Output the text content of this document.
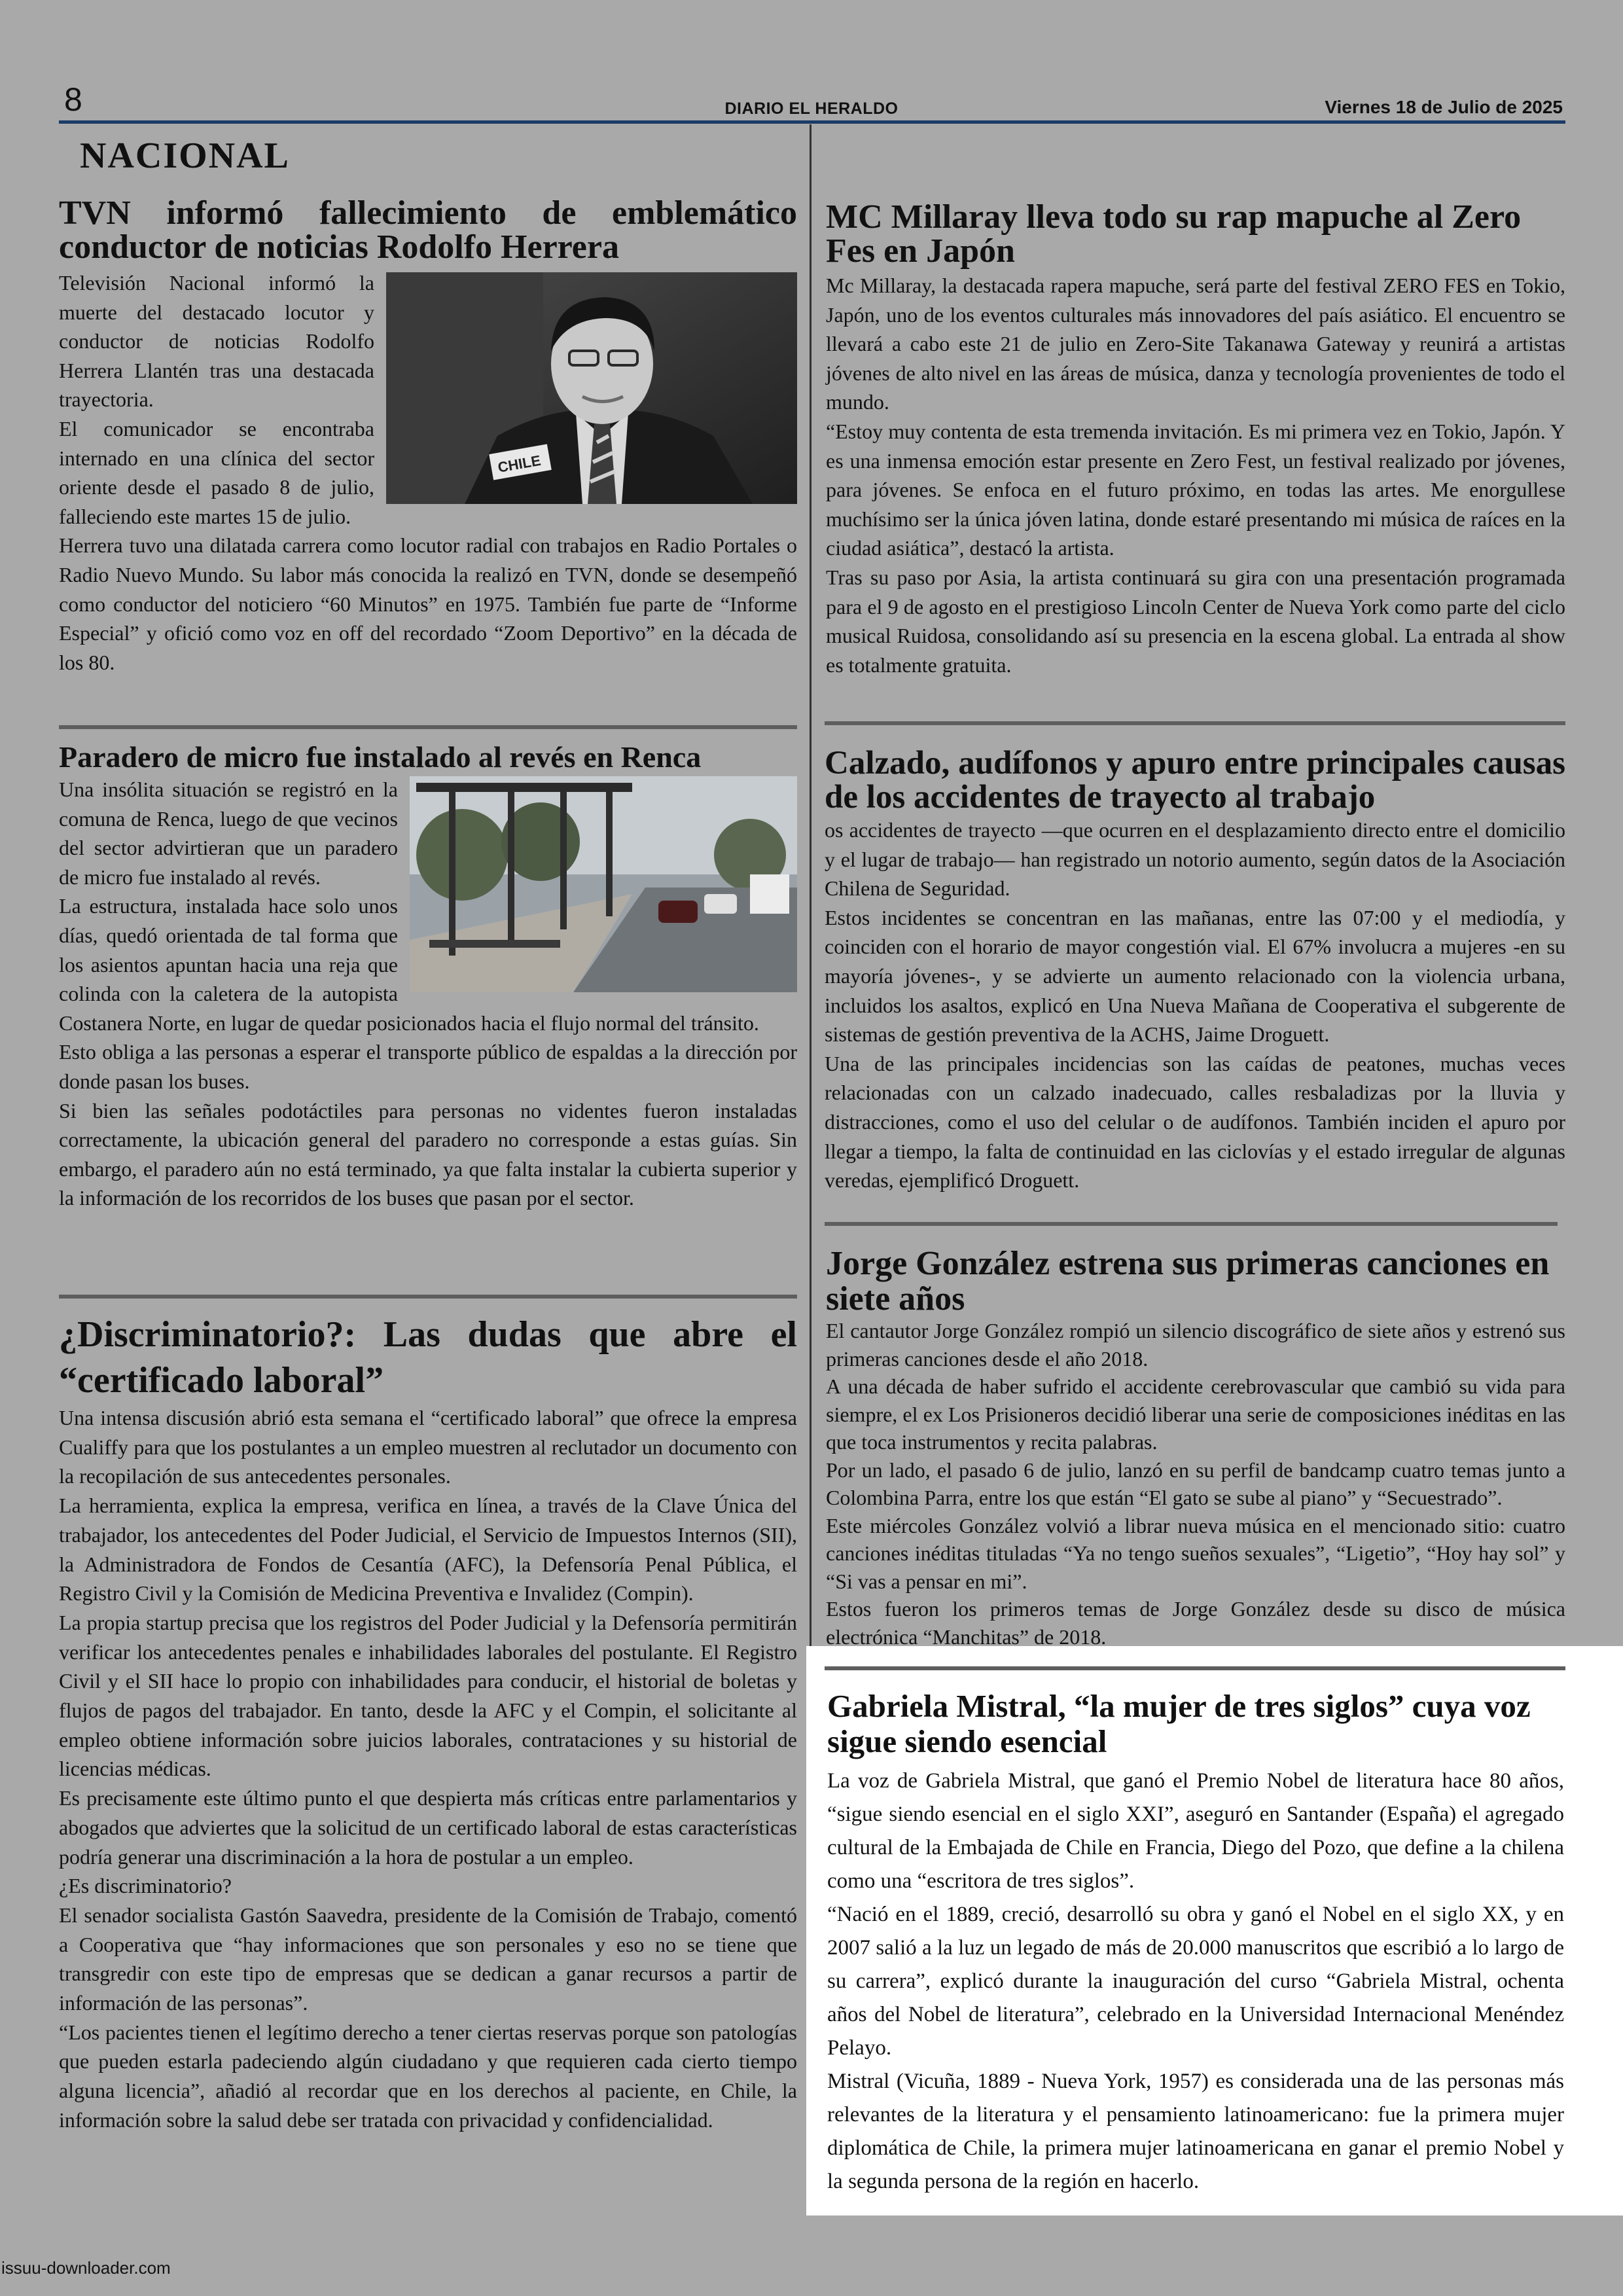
8	DIARIO EL HERALDO	Viernes 18 de Julio de 2025
NACIONAL
TVN informó fallecimiento de emblemático conductor de noticias Rodolfo Herrera
CHILE

Televisión Nacional informó la muerte del destacado locutor y conductor de noticias Rodolfo Herrera Llantén tras una destacada trayectoria.

El comunicador se encontraba internado en una clínica del sector oriente desde el pasado 8 de julio, falleciendo este martes 15 de julio.

Herrera tuvo una dilatada carrera como locutor radial con trabajos en Radio Portales o Radio Nuevo Mundo. Su labor más conocida la realizó en TVN, donde se desempeñó como conductor del noticiero “60 Minutos” en 1975. También fue parte de “Informe Especial” y ofició como voz en off del recordado “Zoom Deportivo” en la década de los 80.

Paradero de micro fue instalado al revés en Renca

Una insólita situación se registró en la comuna de Renca, luego de que vecinos del sector advirtieran que un paradero de micro fue instalado al revés.

La estructura, instalada hace solo unos días, quedó orientada de tal forma que los asientos apuntan hacia una reja que colinda con la caletera de la autopista Costanera Norte, en lugar de quedar posicionados hacia el flujo normal del tránsito.

Esto obliga a las personas a esperar el transporte público de espaldas a la dirección por donde pasan los buses.

Si bien las señales podotáctiles para personas no videntes fueron instaladas correctamente, la ubicación general del paradero no corresponde a estas guías. Sin embargo, el paradero aún no está terminado, ya que falta instalar la cubierta superior y la información de los recorridos de los buses que pasan por el sector.

¿Discriminatorio?: Las dudas que abre el “certificado laboral”

Una intensa discusión abrió esta semana el “certificado laboral” que ofrece la empresa Cualiffy para que los postulantes a un empleo muestren al reclutador un documento con la recopilación de sus antecedentes personales.

La herramienta, explica la empresa, verifica en línea, a través de la Clave Única del trabajador, los antecedentes del Poder Judicial, el Servicio de Impuestos Internos (SII), la Administradora de Fondos de Cesantía (AFC), la Defensoría Penal Pública, el Registro Civil y la Comisión de Medicina Preventiva e Invalidez (Compin).

La propia startup precisa que los registros del Poder Judicial y la Defensoría permitirán verificar los antecedentes penales e inhabilidades laborales del postulante. El Registro Civil y el SII hace lo propio con inhabilidades para conducir, el historial de boletas y flujos de pagos del trabajador. En tanto, desde la AFC y el Compin, el solicitante al empleo obtiene información sobre juicios laborales, contrataciones y su historial de licencias médicas.

Es precisamente este último punto el que despierta más críticas entre parlamentarios y abogados que adviertes que la solicitud de un certificado laboral de estas características podría generar una discriminación a la hora de postular a un empleo.

¿Es discriminatorio?

El senador socialista Gastón Saavedra, presidente de la Comisión de Trabajo, comentó a Cooperativa que “hay informaciones que son personales y eso no se tiene que transgredir con este tipo de empresas que se dedican a ganar recursos a partir de información de las personas”.

“Los pacientes tienen el legítimo derecho a tener ciertas reservas porque son patologías que pueden estarla padeciendo algún ciudadano y que requieren cada cierto tiempo alguna licencia”, añadió al recordar que en los derechos al paciente, en Chile, la información sobre la salud debe ser tratada con privacidad y confidencialidad.

MC Millaray lleva todo su rap mapuche al Zero Fes en Japón

Mc Millaray, la destacada rapera mapuche, será parte del festival ZERO FES en Tokio, Japón, uno de los eventos culturales más innovadores del país asiático. El encuentro se llevará a cabo este 21 de julio en Zero-Site Takanawa Gateway y reunirá a artistas jóvenes de alto nivel en las áreas de música, danza y tecnología provenientes de todo el mundo.

“Estoy muy contenta de esta tremenda invitación. Es mi primera vez en Tokio, Japón. Y es una inmensa emoción estar presente en Zero Fest, un festival realizado por jóvenes, para jóvenes. Se enfoca en el futuro próximo, en todas las artes. Me enorgullese muchísimo ser la única jóven latina, donde estaré presentando mi música de raíces en la ciudad asiática”, destacó la artista.

Tras su paso por Asia, la artista continuará su gira con una presentación programada para el 9 de agosto en el prestigioso Lincoln Center de Nueva York como parte del ciclo musical Ruidosa, consolidando así su presencia en la escena global. La entrada al show es totalmente gratuita.

Calzado, audífonos y apuro entre principales causas de los accidentes de trayecto al trabajo

os accidentes de trayecto —que ocurren en el desplazamiento directo entre el domicilio y el lugar de trabajo— han registrado un notorio aumento, según datos de la Asociación Chilena de Seguridad.

Estos incidentes se concentran en las mañanas, entre las 07:00 y el mediodía, y coinciden con el horario de mayor congestión vial. El 67% involucra a mujeres -en su mayoría jóvenes-, y se advierte un aumento relacionado con la violencia urbana, incluidos los asaltos, explicó en Una Nueva Mañana de Cooperativa el subgerente de sistemas de gestión preventiva de la ACHS, Jaime Droguett.

Una de las principales incidencias son las caídas de peatones, muchas veces relacionadas con un calzado inadecuado, calles resbaladizas por la lluvia y distracciones, como el uso del celular o de audífonos. También inciden el apuro por llegar a tiempo, la falta de continuidad en las ciclovías y el estado irregular de algunas veredas, ejemplificó Droguett.

Jorge González estrena sus primeras canciones en siete años

El cantautor Jorge González rompió un silencio discográfico de siete años y estrenó sus primeras canciones desde el año 2018.

A una década de haber sufrido el accidente cerebrovascular que cambió su vida para siempre, el ex Los Prisioneros decidió liberar una serie de composiciones inéditas en las que toca instrumentos y recita palabras.

Por un lado, el pasado 6 de julio, lanzó en su perfil de bandcamp cuatro temas junto a Colombina Parra, entre los que están “El gato se sube al piano” y “Secuestrado”.

Este miércoles González volvió a librar nueva música en el mencionado sitio: cuatro canciones inéditas tituladas “Ya no tengo sueños sexuales”, “Ligetio”, “Hoy hay sol” y “Si vas a pensar en mi”.

Estos fueron los primeros temas de Jorge González desde su disco de música electrónica “Manchitas” de 2018.

Gabriela Mistral, “la mujer de tres siglos” cuya voz sigue siendo esencial

La voz de Gabriela Mistral, que ganó el Premio Nobel de literatura hace 80 años, “sigue siendo esencial en el siglo XXI”, aseguró en Santander (España) el agregado cultural de la Embajada de Chile en Francia, Diego del Pozo, que define a la chilena como una “escritora de tres siglos”.

“Nació en el 1889, creció, desarrolló su obra y ganó el Nobel en el siglo XX, y en 2007 salió a la luz un legado de más de 20.000 manuscritos que escribió a lo largo de su carrera”, explicó durante la inauguración del curso “Gabriela Mistral, ochenta años del Nobel de literatura”, celebrado en la Universidad Internacional Menéndez Pelayo.

Mistral (Vicuña, 1889 - Nueva York, 1957) es considerada una de las personas más relevantes de la literatura y el pensamiento latinoamericano: fue la primera mujer diplomática de Chile, la primera mujer latinoamericana en ganar el premio Nobel y la segunda persona de la región en hacerlo.

issuu-downloader.com
